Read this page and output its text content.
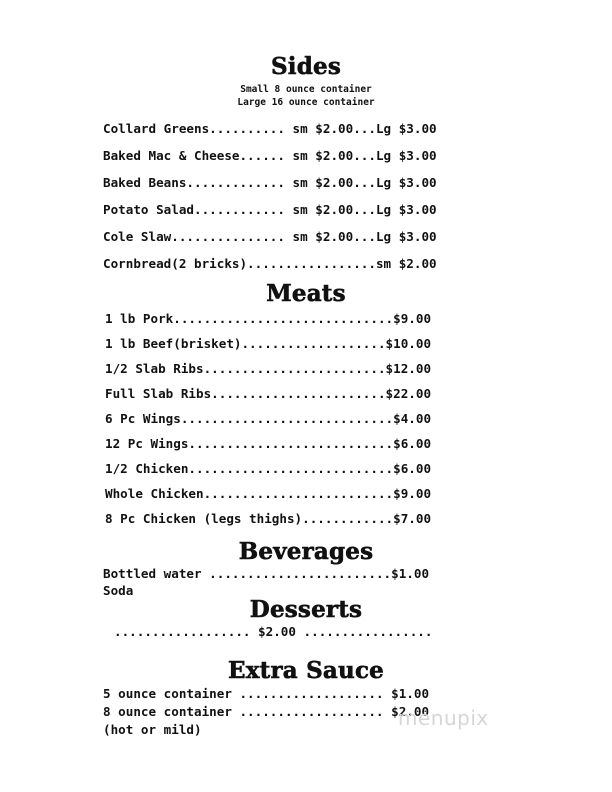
Sides
Small 8 ounce container
Large 16 ounce container
Collard Greens.......... sm $2.00...Lg $3.00
Baked Mac & Cheese...... sm $2.00...Lg $3.00
Baked Beans............. sm $2.00...Lg $3.00
Potato Salad............ sm $2.00...Lg $3.00
Cole Slaw............... sm $2.00...Lg $3.00
Cornbread(2 bricks).................sm $2.00
Meats
1 lb Pork.............................$9.00
1 lb Beef(brisket)...................$10.00
1/2 Slab Ribs........................$12.00
Full Slab Ribs.......................$22.00
6 Pc Wings............................$4.00
12 Pc Wings...........................$6.00
1/2 Chicken...........................$6.00
Whole Chicken.........................$9.00
8 Pc Chicken (legs thighs)............$7.00
Beverages
Bottled water ........................$1.00
Soda
Desserts
.................. $2.00 .................
Extra Sauce
5 ounce container ................... $1.00
8 ounce container ................... $2.00
(hot or mild)	menupix
